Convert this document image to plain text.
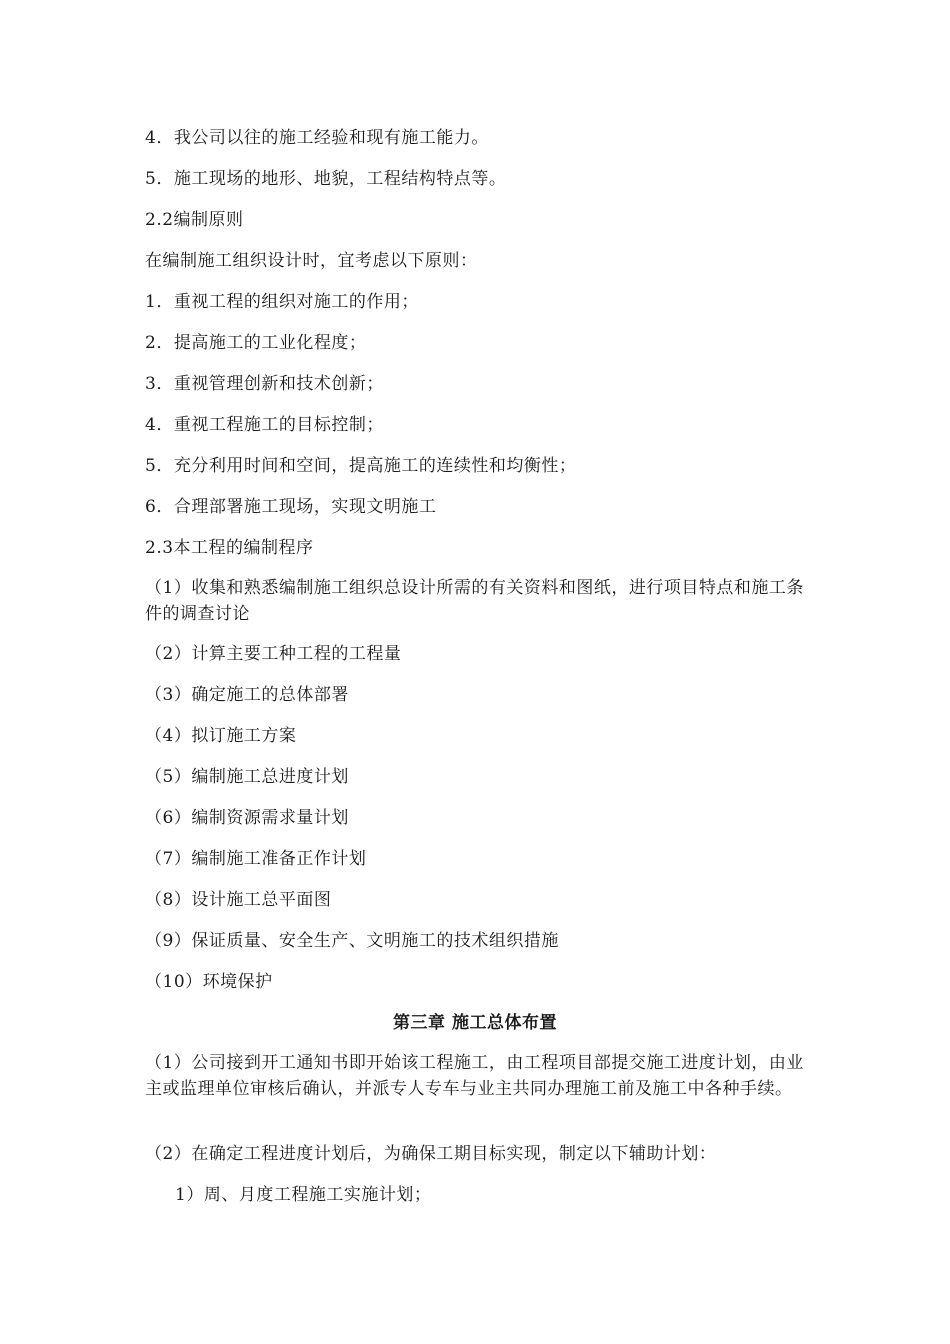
4．我公司以往的施工经验和现有施工能力。
5．施工现场的地形、地貌，工程结构特点等。
2.2编制原则
在编制施工组织设计时，宜考虑以下原则：
1．重视工程的组织对施工的作用；
2．提高施工的工业化程度；
3．重视管理创新和技术创新；
4．重视工程施工的目标控制；
5．充分利用时间和空间，提高施工的连续性和均衡性；
6．合理部署施工现场，实现文明施工
2.3本工程的编制程序
（1）收集和熟悉编制施工组织总设计所需的有关资料和图纸，进行项目特点和施工条件的调查讨论
（2）计算主要工种工程的工程量
（3）确定施工的总体部署
（4）拟订施工方案
（5）编制施工总进度计划
（6）编制资源需求量计划
（7）编制施工准备正作计划
（8）设计施工总平面图
（9）保证质量、安全生产、文明施工的技术组织措施
（10）环境保护
第三章 施工总体布置
（1）公司接到开工通知书即开始该工程施工，由工程项目部提交施工进度计划，由业主或监理单位审核后确认，并派专人专车与业主共同办理施工前及施工中各种手续。
（2）在确定工程进度计划后，为确保工期目标实现，制定以下辅助计划：
1）周、月度工程施工实施计划；
